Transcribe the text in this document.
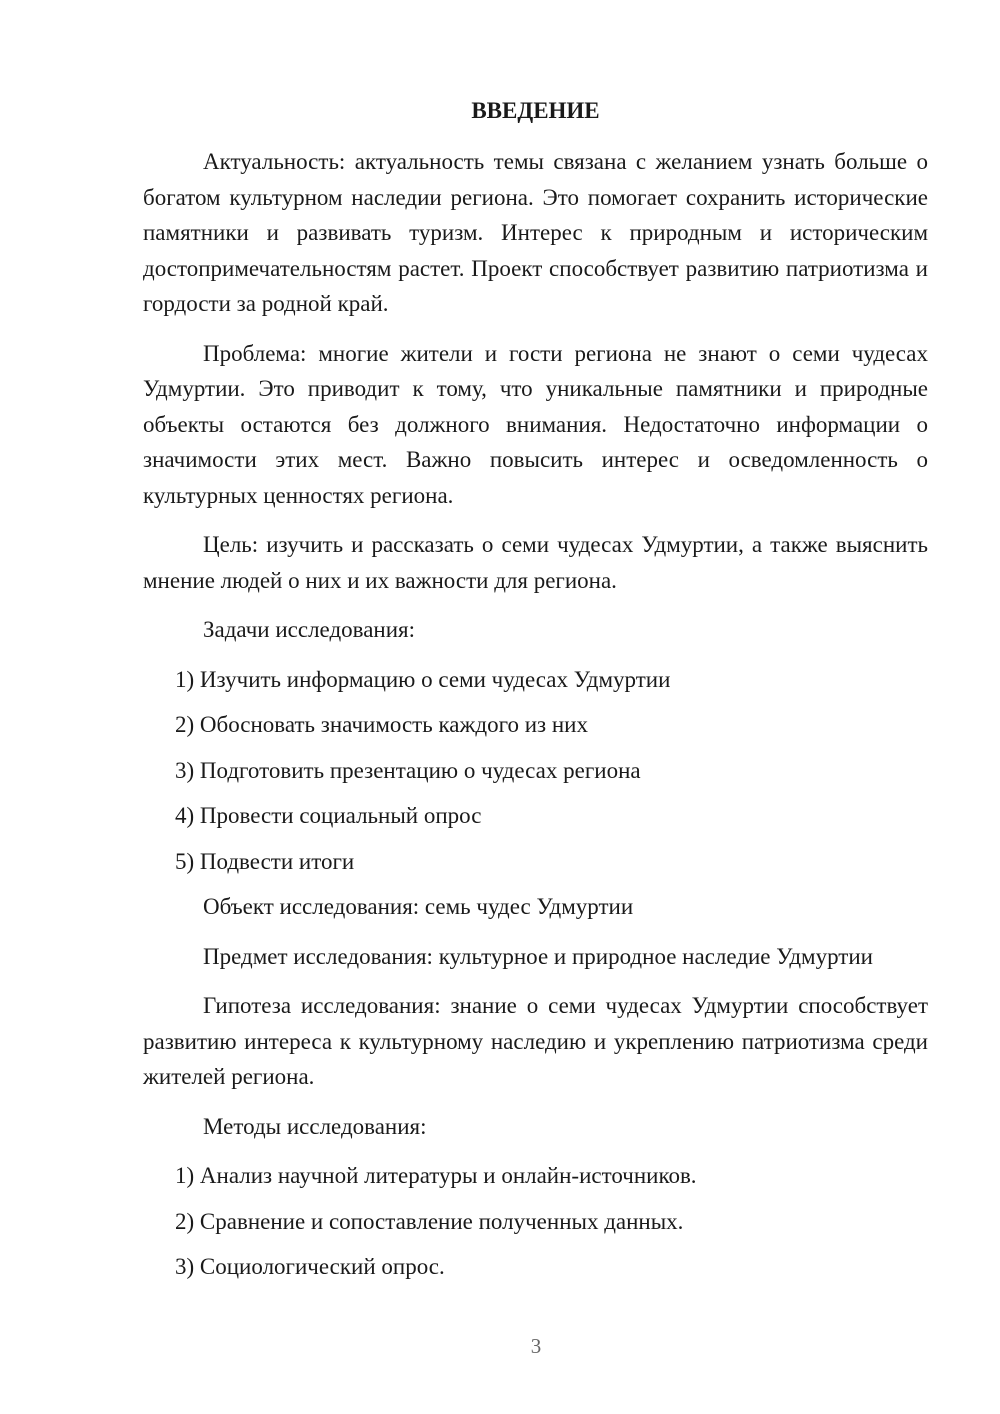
ВВЕДЕНИЕ

Актуальность: актуальность темы связана с желанием узнать больше о богатом культурном наследии региона. Это помогает сохранить исторические памятники и развивать туризм. Интерес к природным и историческим достопримечательностям растет. Проект способствует развитию патриотизма и гордости за родной край.

Проблема: многие жители и гости региона не знают о семи чудесах Удмуртии. Это приводит к тому, что уникальные памятники и природные объекты остаются без должного внимания. Недостаточно информации о значимости этих мест. Важно повысить интерес и осведомленность о культурных ценностях региона.

Цель: изучить и рассказать о семи чудесах Удмуртии, а также выяснить мнение людей о них и их важности для региона.

Задачи исследования:

1) Изучить информацию о семи чудесах Удмуртии
2) Обосновать значимость каждого из них
3) Подготовить презентацию о чудесах региона
4) Провести социальный опрос
5) Подвести итоги

Объект исследования: семь чудес Удмуртии

Предмет исследования: культурное и природное наследие Удмуртии

Гипотеза исследования: знание о семи чудесах Удмуртии способствует развитию интереса к культурному наследию и укреплению патриотизма среди жителей региона.

Методы исследования:

1) Анализ научной литературы и онлайн-источников.
2) Сравнение и сопоставление полученных данных.
3) Социологический опрос.
3
